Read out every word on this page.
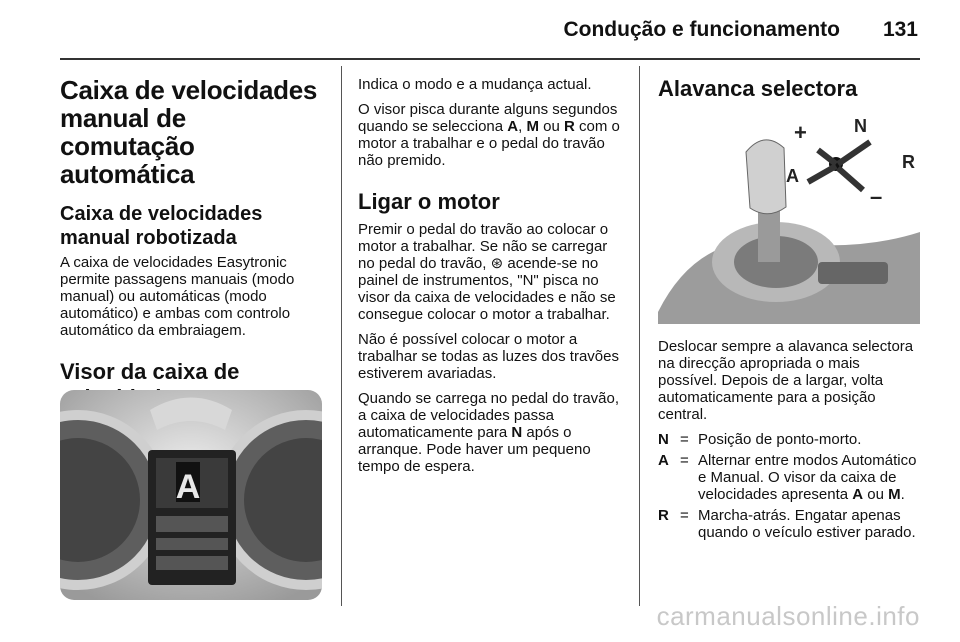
Condução e funcionamento 131
Caixa de velocidades manual de comutação automática
Caixa de velocidades manual robotizada

A caixa de velocidades Easytronic permite passagens manuais (modo manual) ou automáticas (modo automático) e ambas com controlo automático da embraiagem.

Visor da caixa de
A

Indica o modo e a mudança actual.

O visor pisca durante alguns segundos quando se selecciona A, M ou R com o motor a trabalhar e o pedal do travão não premido.

Ligar o motor

Premir o pedal do travão ao colocar o motor a trabalhar. Se não se carregar no pedal do travão, ⊛ acende-se no painel de instrumentos, "N" pisca no visor da caixa de velocidades e não se consegue colocar o motor a trabalhar.

Não é possível colocar o motor a trabalhar se todas as luzes dos travões estiverem avariadas.

Quando se carrega no pedal do travão, a caixa de velocidades passa automaticamente para N após o arranque. Pode haver um pequeno tempo de espera.

Alavanca selectora
+	N
R
A
–

Deslocar sempre a alavanca selectora na direcção apropriada o mais possível. Depois de a largar, volta automaticamente para a posição central.

N = Posição de ponto-morto.
A = Alternar entre modos Automático e Manual. O visor da caixa de velocidades apresenta A ou M.
R = Marcha-atrás. Engatar apenas quando o veículo estiver parado.
carmanualsonline.info
